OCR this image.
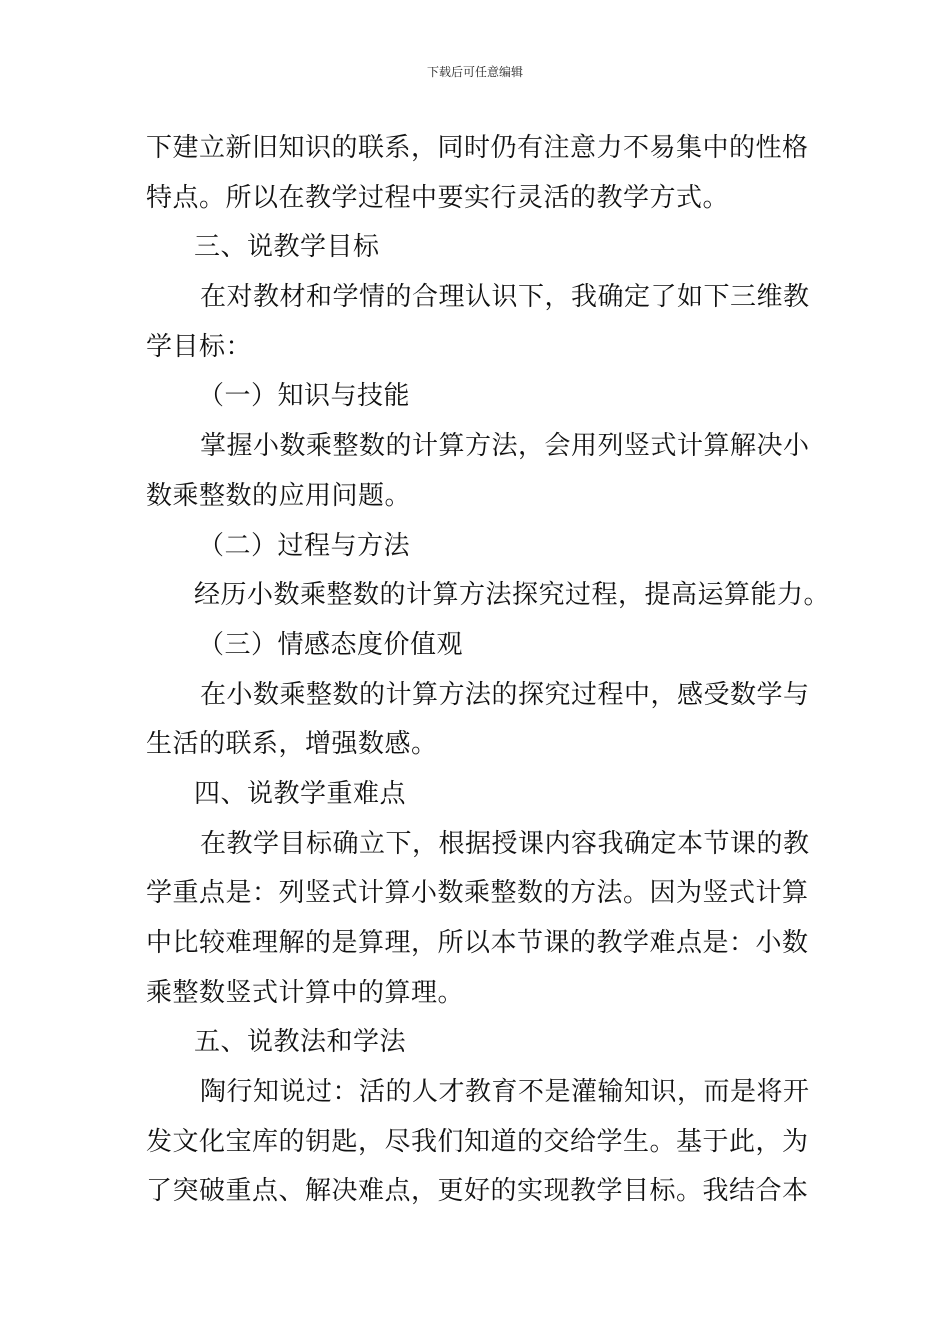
下载后可任意编辑
下建立新旧知识的联系，同时仍有注意力不易集中的性格
特点。所以在教学过程中要实行灵活的教学方式。
三、说教学目标
在对教材和学情的合理认识下，我确定了如下三维教
学目标：
（一）知识与技能
掌握小数乘整数的计算方法，会用列竖式计算解决小
数乘整数的应用问题。
（二）过程与方法
经历小数乘整数的计算方法探究过程，提高运算能力。
（三）情感态度价值观
在小数乘整数的计算方法的探究过程中，感受数学与
生活的联系，增强数感。
四、说教学重难点
在教学目标确立下，根据授课内容我确定本节课的教
学重点是：列竖式计算小数乘整数的方法。因为竖式计算
中比较难理解的是算理，所以本节课的教学难点是：小数
乘整数竖式计算中的算理。
五、说教法和学法
陶行知说过：活的人才教育不是灌输知识，而是将开
发文化宝库的钥匙，尽我们知道的交给学生。基于此，为
了突破重点、解决难点，更好的实现教学目标。我结合本
